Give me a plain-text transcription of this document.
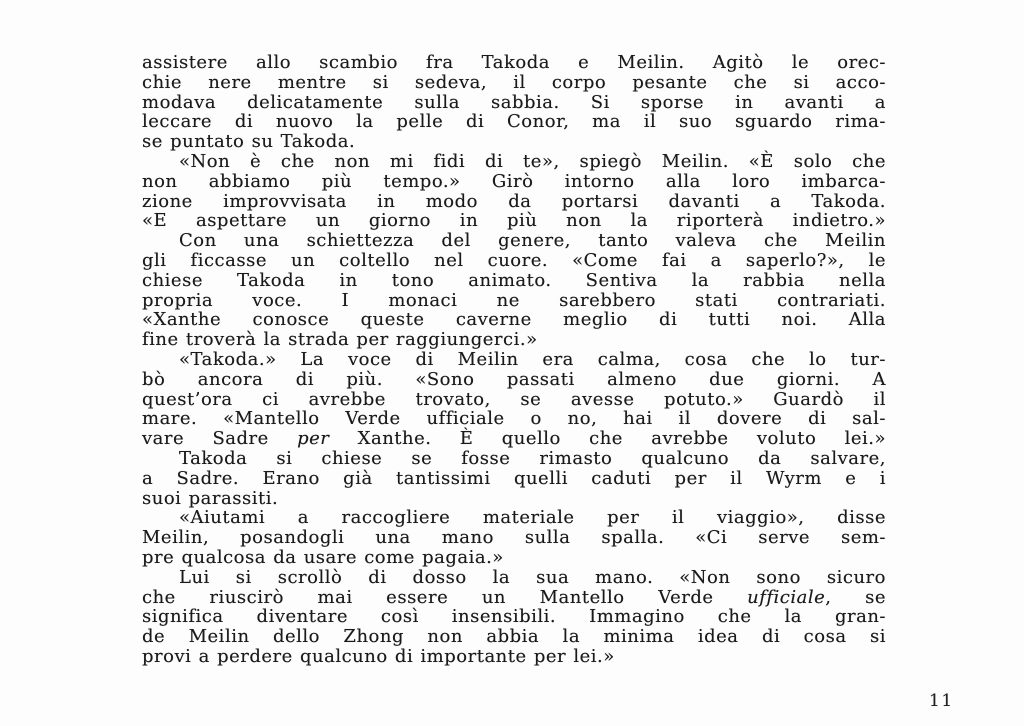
assistere allo scambio fra Takoda e Meilin. Agitò le orec-
chie nere mentre si sedeva, il corpo pesante che si acco-
modava delicatamente sulla sabbia. Si sporse in avanti a
leccare di nuovo la pelle di Conor, ma il suo sguardo rima-
se puntato su Takoda.
«Non è che non mi fidi di te», spiegò Meilin. «È solo che
non abbiamo più tempo.» Girò intorno alla loro imbarca-
zione improvvisata in modo da portarsi davanti a Takoda.
«E aspettare un giorno in più non la riporterà indietro.»
Con una schiettezza del genere, tanto valeva che Meilin
gli ficcasse un coltello nel cuore. «Come fai a saperlo?», le
chiese Takoda in tono animato. Sentiva la rabbia nella
propria voce. I monaci ne sarebbero stati contrariati.
«Xanthe conosce queste caverne meglio di tutti noi. Alla
fine troverà la strada per raggiungerci.»
«Takoda.» La voce di Meilin era calma, cosa che lo tur-
bò ancora di più. «Sono passati almeno due giorni. A
quest’ora ci avrebbe trovato, se avesse potuto.» Guardò il
mare. «Mantello Verde ufficiale o no, hai il dovere di sal-
vare Sadre per Xanthe. È quello che avrebbe voluto lei.»
Takoda si chiese se fosse rimasto qualcuno da salvare,
a Sadre. Erano già tantissimi quelli caduti per il Wyrm e i
suoi parassiti.
«Aiutami a raccogliere materiale per il viaggio», disse
Meilin, posandogli una mano sulla spalla. «Ci serve sem-
pre qualcosa da usare come pagaia.»
Lui si scrollò di dosso la sua mano. «Non sono sicuro
che riuscirò mai essere un Mantello Verde ufficiale, se
significa diventare così insensibili. Immagino che la gran-
de Meilin dello Zhong non abbia la minima idea di cosa si
provi a perdere qualcuno di importante per lei.»
11
